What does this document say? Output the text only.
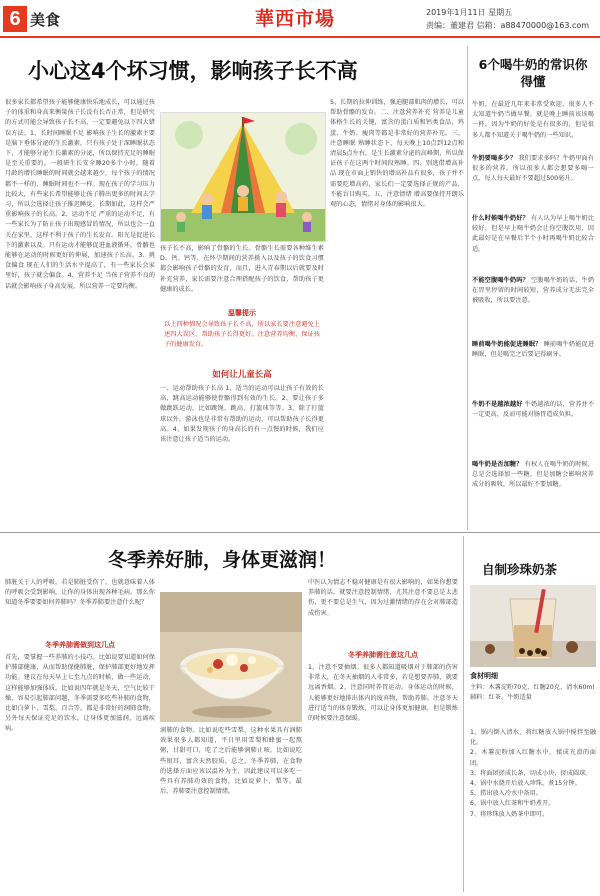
6 美食	華西市場	2019年1月11日 星期五
责编：董建君 信箱：a88470000@163.com
小心这4个坏习惯，影响孩子长不高
很多家长都希望孩子能够健康快乐地成长，可以通过孩子的体重和身高来衡量孩子长没有长否正常，但是研究的方式可能会导致孩子长不高，一定要避免以下四大错误方法。1、长时间睡眠不足 影响孩子生长的激素主要是脑下垂体分泌的生长激素，只有孩子处于深睡眠状态下，才能够分泌生长激素的分泌，所以保持充足的睡眠是至关重要的。一般研生长安全睡20多个小时，随着月龄的增长睡眠的时间就会越来越少，每个孩子的情况都不一样的，睡眠时间也不一样。现在孩子的学习压力比较大，有些家长希望能够让孩子腾出更多的时间去学习，所以会选择让孩子推迟睡觉。长期如此，这样会严重影响孩子的长高。2、运动不足 严重的运动不足，有一些家长为了防止孩子出现感冒的情况，所以也会一直关在家里，这样不利于孩子的生长发育。阳光是促进长下的激素以及。只有运动才能够促进血液循环，骨骼也能够在运动的时候更好的伸展，加速孩子长高。3、挑食偏食 现在人们的生活水平提高了，有一些家长会家里好，孩子就会偏食。4、营养不足 当孩子营养不良的话就会影响孩子身高发展，所以营养一定要均衡。
孩子长不高，影响了骨骼的生长。骨骼生长需要各种维生素D、钙、钙等，在怀孕期间的营养摄入以及孩子的饮食习惯都会影响孩子骨骼的发育，而且，进入青春期以后就要及时补充营养，家长需要注意合理搭配孩子的饮食，帮助孩子更健康的成长。
温馨提示
以上四种情况会导致孩子长不高，所以家长要注意避免上述四大误区，帮助孩子长得更好。注意营养均衡，保证孩子的健康发育。
如何让儿童长高
一、运动帮助孩子长高 1、适当的运动可以让孩子有效的长高，跳高运动能够使骨骼得到有效的生长。2、要让孩子多做跳跃运动，比如跳绳、跳高、打篮球等等。3、除了打篮球以外，游泳也是非常有帮助的运动，可以帮助孩子长得更高。4、如果发现孩子的身高长的有一点慢的时候，我们应该注意让孩子适当的运动。
5、长期的拉伸训练，强迫腿部肌肉的增长，可以帮助骨骼的发育。二、注意营养补充 营养是儿童体格生长的关键，富含的蛋白质和钙类食品，鸡蛋、牛奶、瘦肉等都是非常好的营养补充。三、注意睡眠 熟睡状态下，每天晚上10点到12点和清晨5点左右，是生长激素分泌的高峰期，所以保证孩子在这两个时间段熟睡。四、别逃借增高补品 现在市面上销售的增高补品有很多，孩子并不需要吃增高药，家长们一定要选择正规的产品，不能盲目购买。五、注意情绪 增高要保持开朗乐观的心态，情绪对身体的影响很大。
6个喝牛奶的常识你得懂
牛奶，在最近几年来非常受欢迎，很多人不太知道牛奶当做早餐，就是晚上睡前该该喝一杯，因为牛奶的好处是有很多的，但是很多人都不知道关于喝牛奶的一些知识。
牛奶要喝多少？ 我们要求多吗？牛奶里面有很多的营养，所以很多人都会想要多喝一点，每人每天最好不要超过500毫升。
什么时候喝牛奶好？ 有人认为早上喝牛奶比较好，但是早上喝牛奶会让你空腹饮用，因此最好是在早餐后半个小时再喝牛奶比较合适。
不能空腹喝牛奶吗？ 空腹喝牛奶的话，牛奶在胃里停留的时间较短，营养成分无法完全被吸收，所以要注意。
睡前喝牛奶能促进睡眠？ 睡前喝牛奶能促进睡眠，但是喝完之后要记得刷牙。
牛奶不是越浓越好 牛奶越浓的话，营养并不一定更高，反而可能对肠胃造成负担。
喝牛奶是否加糖？ 有权人在喝牛奶的时候，总是会选择加一些糖，但是加糖会影响营养成分的吸收，所以最好不要加糖。
冬季养好肺，身体更滋润！
肺脏关于人的呼吸，若是肺脏受伤了，也就意味着人体的呼吸会受到影响，让你的身体出现各种毛病。那么你知道冬季要要如何养肺吗？冬季养肺要注意什么呢？
冬季养肺需做到这几点
首先，要掌握一些养肺的小技巧。比如说要知道如何保护肺部健康，从而帮助保健肺脏，保护肺部更好地发挥功能。建议在每天早上七至九点的时候，做一些运动，这样能够加强体质。比如说四年就是冬天，空气比较干燥，容易引起肺部问题，冬季需要多吃些补肺的食物，比如白萝卜、雪梨、百合等，都是非常好的润肺食物。另外每天保证充足的饮水，让身体更加滋润，远离疾病。	润肺的食物。比如说吃些雪梨，这种水果具有润肺效果很多人都知道，平日里用雪梨和蜂蜜一起熬粥，甘甜可口，吃了之后能够润肺止咳。比如说吃些银耳，富含天然胶质。总之，冬季养肺，在食物的选择方面应该以温补为主，因此建议可以多吃一些具有养肺功效的食物，比如说萝卜，梨等。最后，养肺要注意控制情绪。
中医认为情志不稳对健康是有很大影响的，如果你想要养肺的话，就要注意控制情绪，尤其注意不要总是太悲伤，更不要总是生气，因为过激情绪的存在会对肺部造成伤害。
冬季养肺需注意这几点
1、注意不要抽烟。很多人都知道吸烟对于肺部的伤害非常大，在冬天抽烟的人非常多，若是想要养肺，就要远离香烟。2、注意同时养胃运动。身体运动的时候，人能够更好地排出体内的废弃物，帮助养肺。注意冬天进行适当的体育锻炼，可以让身体更加健康，但是锻炼的时候要注意保暖。
自制珍珠奶茶
食材明细
主料：木薯淀粉70克、红糖20克、清水60ml
辅料：红茶、牛奶适量
1、锅内倒入清水，将红糖放入锅中搅拌至融化。
2、木薯淀粉加入红糖水中，揉成光滑的面团。
3、将面团搓成长条，切成小块，搓成圆球。
4、锅中水烧开后放入珍珠，煮15分钟。
5、捞出放入冷水中备用。
6、锅中放入红茶和牛奶煮开。
7、将珍珠放入奶茶中即可。
